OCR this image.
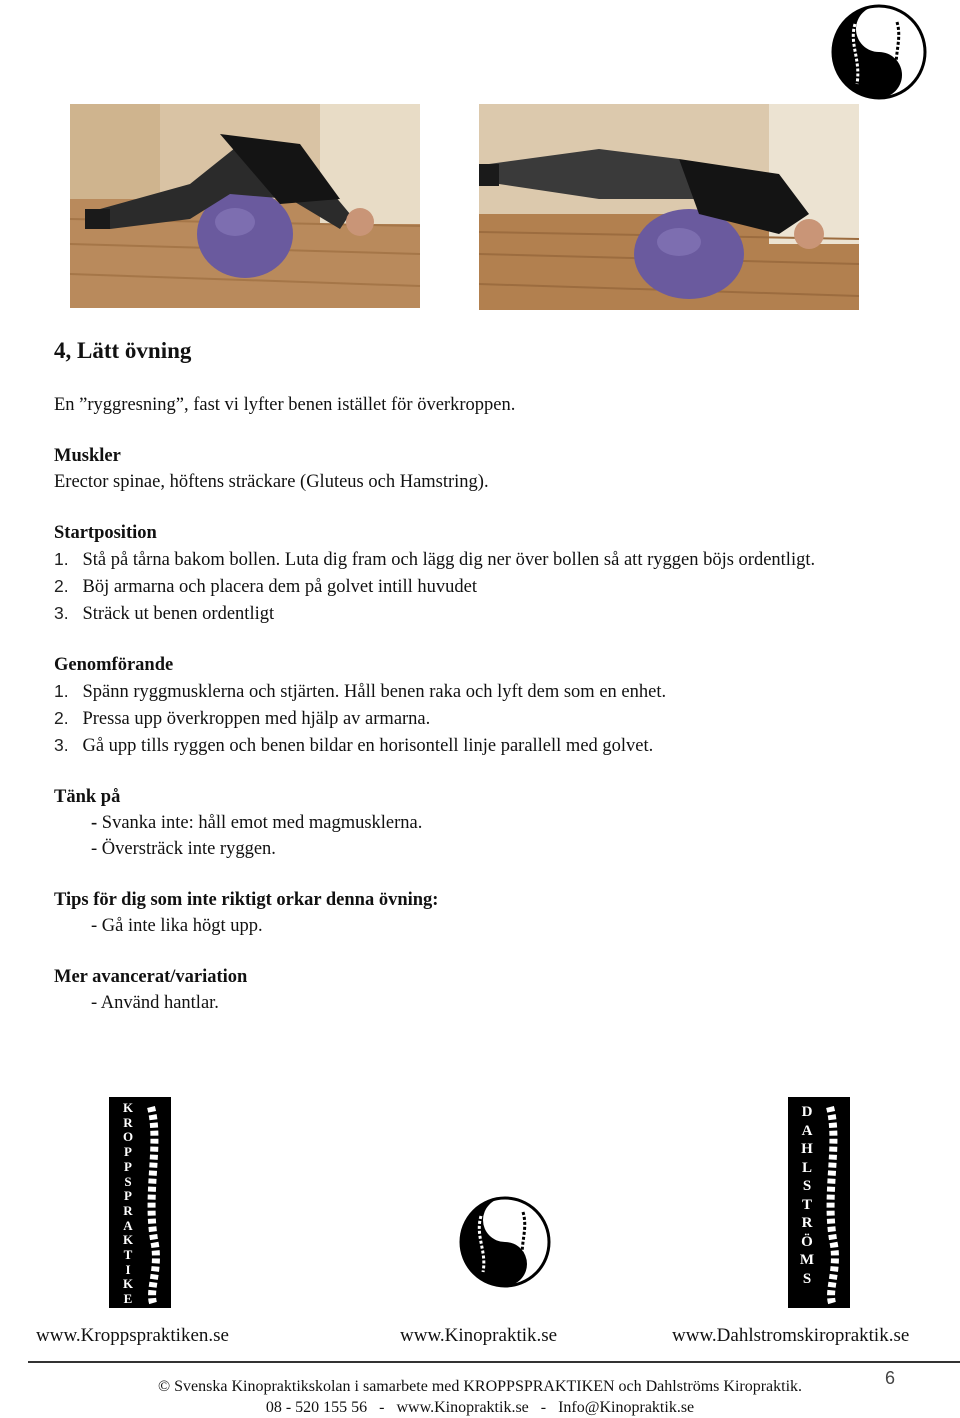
4, Lätt övning
En ”ryggresning”, fast vi lyfter benen istället för överkroppen.
Muskler
Erector spinae, höftens sträckare (Gluteus och Hamstring).
Startposition
1. Stå på tårna bakom bollen. Luta dig fram och lägg dig ner över bollen så att ryggen böjs ordentligt.
2. Böj armarna och placera dem på golvet intill huvudet
3. Sträck ut benen ordentligt
Genomförande
1. Spänn ryggmusklerna och stjärten. Håll benen raka och lyft dem som en enhet.
2. Pressa upp överkroppen med hjälp av armarna.
3. Gå upp tills ryggen och benen bildar en horisontell linje parallell med golvet.
Tänk på
- Svanka inte: håll emot med magmusklerna.
- Översträck inte ryggen.
Tips för dig som inte riktigt orkar denna övning:
- Gå inte lika högt upp.
Mer avancerat/variation
- Använd hantlar.
K
R
O
P
P
S
P
R
A
K
T
I
K
E
N
D
A
H
L
S
T
R
Ö
M
S
www.Kroppspraktiken.se	www.Kinopraktik.se	www.Dahlstromskiropraktik.se
6
© Svenska Kinopraktikskolan i samarbete med KROPPSPRAKTIKEN och Dahlströms Kiropraktik.
08 - 520 155 56   -   www.Kinopraktik.se   -   Info@Kinopraktik.se
